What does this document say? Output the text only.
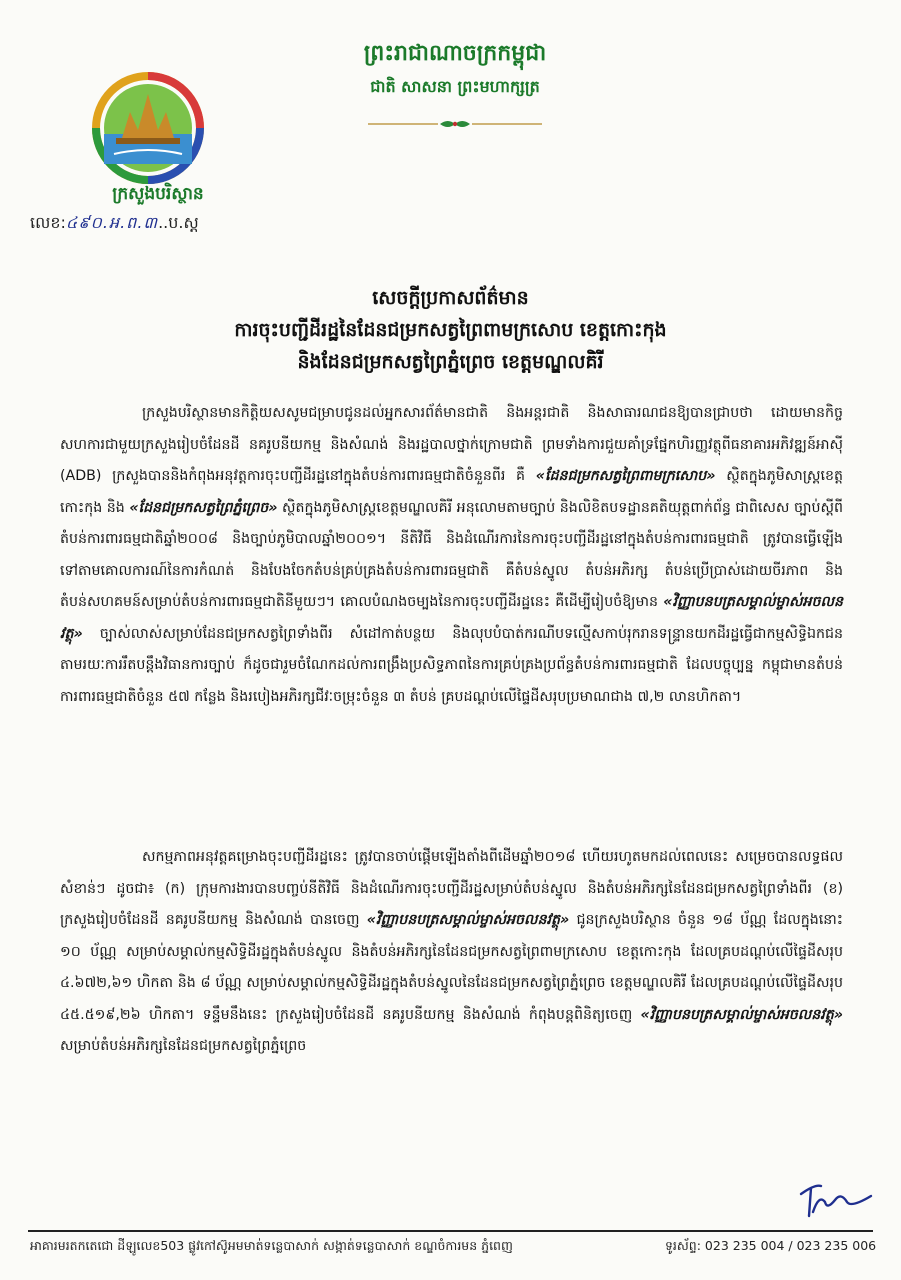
ព្រះរាជាណាចក្រកម្ពុជា
ជាតិ សាសនា ព្រះមហាក្សត្រ
ក្រសួងបរិស្ថាន
លេខ:៤៩០.អ.ព.៣..ប.ស្ត
សេចក្តីប្រកាសព័ត៌មាន
ការចុះបញ្ជីដីរដ្ឋនៃដែនជម្រកសត្វព្រៃពាមក្រសោប ខេត្តកោះកុង
និងដែនជម្រកសត្វព្រៃភ្នំព្រេច ខេត្តមណ្ឌលគិរី
ក្រសួងបរិស្ថានមានកិត្តិយសសូមជម្រាបជូនដល់អ្នកសារព័ត៌មានជាតិ និងអន្តរជាតិ និងសាធារណជនឱ្យបានជ្រាបថា ដោយមានកិច្ចសហការជាមួយក្រសួងរៀបចំដែនដី នគរូបនីយកម្ម និងសំណង់ និងរដ្ឋបាលថ្នាក់ក្រោមជាតិ ព្រមទាំងការជួយគាំទ្រផ្នែកហិរញ្ញវត្ថុពីធនាគារអភិវឌ្ឍន៍អាស៊ី (ADB) ក្រសួងបាននិងកំពុងអនុវត្តការចុះបញ្ជីដីរដ្ឋនៅក្នុងតំបន់ការពារធម្មជាតិចំនួនពីរ គឺ «ដែនជម្រកសត្វព្រៃពាមក្រសោប» ស្ថិតក្នុងភូមិសាស្ត្រខេត្តកោះកុង និង «ដែនជម្រកសត្វព្រៃភ្នំព្រេច» ស្ថិតក្នុងភូមិសាស្ត្រខេត្តមណ្ឌលគិរី អនុលោមតាមច្បាប់ និងលិខិតបទដ្ឋានគតិយុត្តពាក់ព័ន្ធ ជាពិសេស ច្បាប់ស្តីពីតំបន់ការពារធម្មជាតិឆ្នាំ២០០៨ និងច្បាប់ភូមិបាលឆ្នាំ២០០១។ នីតិវិធី និងដំណើរការនៃការចុះបញ្ជីដីរដ្ឋនៅក្នុងតំបន់ការពារធម្មជាតិ ត្រូវបានធ្វើឡើងទៅតាមគោលការណ៍នៃការកំណត់ និងបែងចែកតំបន់គ្រប់គ្រងតំបន់ការពារធម្មជាតិ គឺតំបន់ស្នូល តំបន់អភិរក្ស តំបន់ប្រើប្រាស់ដោយចីរភាព និងតំបន់សហគមន៍សម្រាប់តំបន់ការពារធម្មជាតិនីមួយៗ។ គោលបំណងចម្បងនៃការចុះបញ្ជីដីរដ្ឋនេះ គឺដើម្បីរៀបចំឱ្យមាន «វិញ្ញាបនបត្រសម្គាល់ម្ចាស់អចលនវត្ថុ» ច្បាស់លាស់សម្រាប់ដែនជម្រកសត្វព្រៃទាំងពីរ សំដៅកាត់បន្ថយ និងលុបបំបាត់ករណីបទល្មើសកាប់រុករានទន្ទ្រានយកដីរដ្ឋធ្វើជាកម្មសិទ្ធិឯកជនតាមរយៈការរឹតបន្តឹងវិធានការច្បាប់ ក៏ដូចជារួមចំណែកដល់ការពង្រឹងប្រសិទ្ធភាពនៃការគ្រប់គ្រងប្រព័ន្ធតំបន់ការពារធម្មជាតិ ដែលបច្ចុប្បន្ន កម្ពុជាមានតំបន់ការពារធម្មជាតិចំនួន ៥៧ កន្លែង និងរបៀងអភិរក្សជីវៈចម្រុះចំនួន ៣ តំបន់ គ្របដណ្តប់លើផ្ទៃដីសរុបប្រមាណជាង ៧,២ លានហិកតា។
សកម្មភាពអនុវត្តគម្រោងចុះបញ្ជីដីរដ្ឋនេះ ត្រូវបានចាប់ផ្តើមឡើងតាំងពីដើមឆ្នាំ២០១៨ ហើយរហូតមកដល់ពេលនេះ សម្រេចបានលទ្ធផលសំខាន់ៗ ដូចជា៖ (ក) ក្រុមការងារបានបញ្ចប់នីតិវិធី និងដំណើរការចុះបញ្ជីដីរដ្ឋសម្រាប់តំបន់ស្នូល និងតំបន់អភិរក្សនៃដែនជម្រកសត្វព្រៃទាំងពីរ (ខ) ក្រសួងរៀបចំដែនដី នគរូបនីយកម្ម និងសំណង់ បានចេញ «វិញ្ញាបនបត្រសម្គាល់ម្ចាស់អចលនវត្ថុ» ជូនក្រសួងបរិស្ថាន ចំនួន ១៨ ប័ណ្ណ ដែលក្នុងនោះ ១០ ប័ណ្ណ សម្រាប់សម្គាល់កម្មសិទ្ធិដីរដ្ឋក្នុងតំបន់ស្នូល និងតំបន់អភិរក្សនៃដែនជម្រកសត្វព្រៃពាមក្រសោប ខេត្តកោះកុង ដែលគ្របដណ្តប់លើផ្ទៃដីសរុប ៤.៦៧២,៦១ ហិកតា និង ៨ ប័ណ្ណ សម្រាប់សម្គាល់កម្មសិទ្ធិដីរដ្ឋក្នុងតំបន់ស្នូលនៃដែនជម្រកសត្វព្រៃភ្នំព្រេច ខេត្តមណ្ឌលគិរី ដែលគ្របដណ្តប់លើផ្ទៃដីសរុប ៤៥.៥១៩,២៦ ហិកតា។ ទន្ទឹមនឹងនេះ ក្រសួងរៀបចំដែនដី នគរូបនីយកម្ម និងសំណង់ កំពុងបន្តពិនិត្យចេញ «វិញ្ញាបនបត្រសម្គាល់ម្ចាស់អចលនវត្ថុ» សម្រាប់តំបន់អភិរក្សនៃដែនជម្រកសត្វព្រៃភ្នំព្រេច
អាគារមរតកតេជោ ដីឡូលេខ503 ផ្លូវកៅស៊ូអមមាត់ទន្លេបាសាក់ សង្កាត់ទន្លេបាសាក់ ខណ្ឌចំការមន ភ្នំពេញ	ទូរស័ព្ទ: 023 235 004 / 023 235 006
